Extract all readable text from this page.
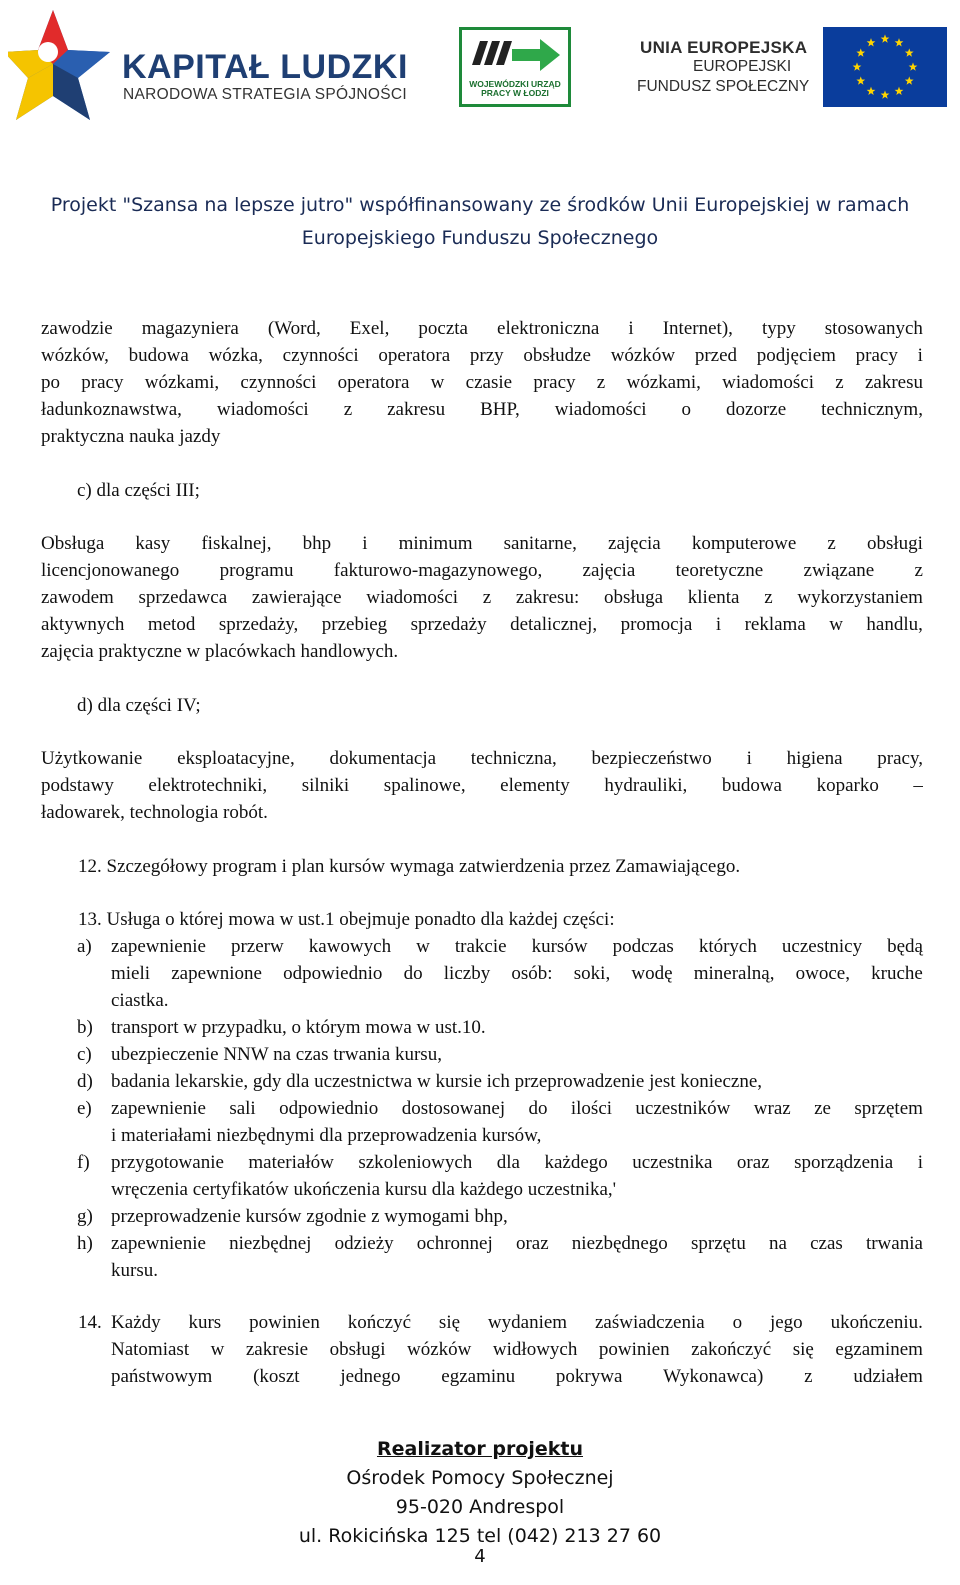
KAPITAŁ LUDZKI
NARODOWA STRATEGIA SPÓJNOŚCI
WOJEWÓDZKI URZĄD PRACY W ŁODZI
UNIA EUROPEJSKA
EUROPEJSKI
FUNDUSZ SPOŁECZNY
Projekt "Szansa na lepsze jutro" współfinansowany ze środków Unii Europejskiej w ramach
Europejskiego Funduszu Społecznego
zawodzie magazyniera (Word, Exel, poczta elektroniczna i Internet), typy stosowanych
wózków, budowa wózka, czynności operatora przy obsłudze wózków przed podjęciem pracy i
po pracy wózkami, czynności operatora w czasie pracy z wózkami, wiadomości z zakresu
ładunkoznawstwa, wiadomości z zakresu BHP, wiadomości o dozorze technicznym,
praktyczna nauka jazdy
c) dla części III;
Obsługa kasy fiskalnej, bhp i minimum sanitarne, zajęcia komputerowe z obsługi
licencjonowanego programu fakturowo-magazynowego, zajęcia teoretyczne związane z
zawodem sprzedawca zawierające wiadomości z zakresu: obsługa klienta z wykorzystaniem
aktywnych metod sprzedaży, przebieg sprzedaży detalicznej, promocja i reklama w handlu,
zajęcia praktyczne w placówkach handlowych.
d) dla części IV;
Użytkowanie eksploatacyjne, dokumentacja techniczna, bezpieczeństwo i higiena pracy,
podstawy elektrotechniki, silniki spalinowe, elementy hydrauliki, budowa koparko –
ładowarek, technologia robót.
12. Szczegółowy program i plan kursów wymaga zatwierdzenia przez Zamawiającego.
13. Usługa o której mowa w ust.1 obejmuje ponadto dla każdej części:
a) zapewnienie przerw kawowych w trakcie kursów podczas których uczestnicy będą
mieli zapewnione odpowiednio do liczby osób: soki, wodę mineralną, owoce, kruche
ciastka.
b) transport w przypadku, o którym mowa w ust.10.
c) ubezpieczenie NNW na czas trwania kursu,
d) badania lekarskie, gdy dla uczestnictwa w kursie ich przeprowadzenie jest konieczne,
e) zapewnienie sali odpowiednio dostosowanej do ilości uczestników wraz ze sprzętem
i materiałami niezbędnymi dla przeprowadzenia kursów,
f) przygotowanie materiałów szkoleniowych dla każdego uczestnika oraz sporządzenia i
wręczenia certyfikatów ukończenia kursu dla każdego uczestnika,'
g) przeprowadzenie kursów zgodnie z wymogami bhp,
h) zapewnienie niezbędnej odzieży ochronnej oraz niezbędnego sprzętu na czas trwania
kursu.
14. Każdy kurs powinien kończyć się wydaniem zaświadczenia o jego ukończeniu.
Natomiast w zakresie obsługi wózków widłowych powinien zakończyć się egzaminem
państwowym (koszt jednego egzaminu pokrywa Wykonawca) z udziałem
Realizator projektu
Ośrodek Pomocy Społecznej
95-020 Andrespol
ul. Rokicińska 125 tel (042) 213 27 60
4
